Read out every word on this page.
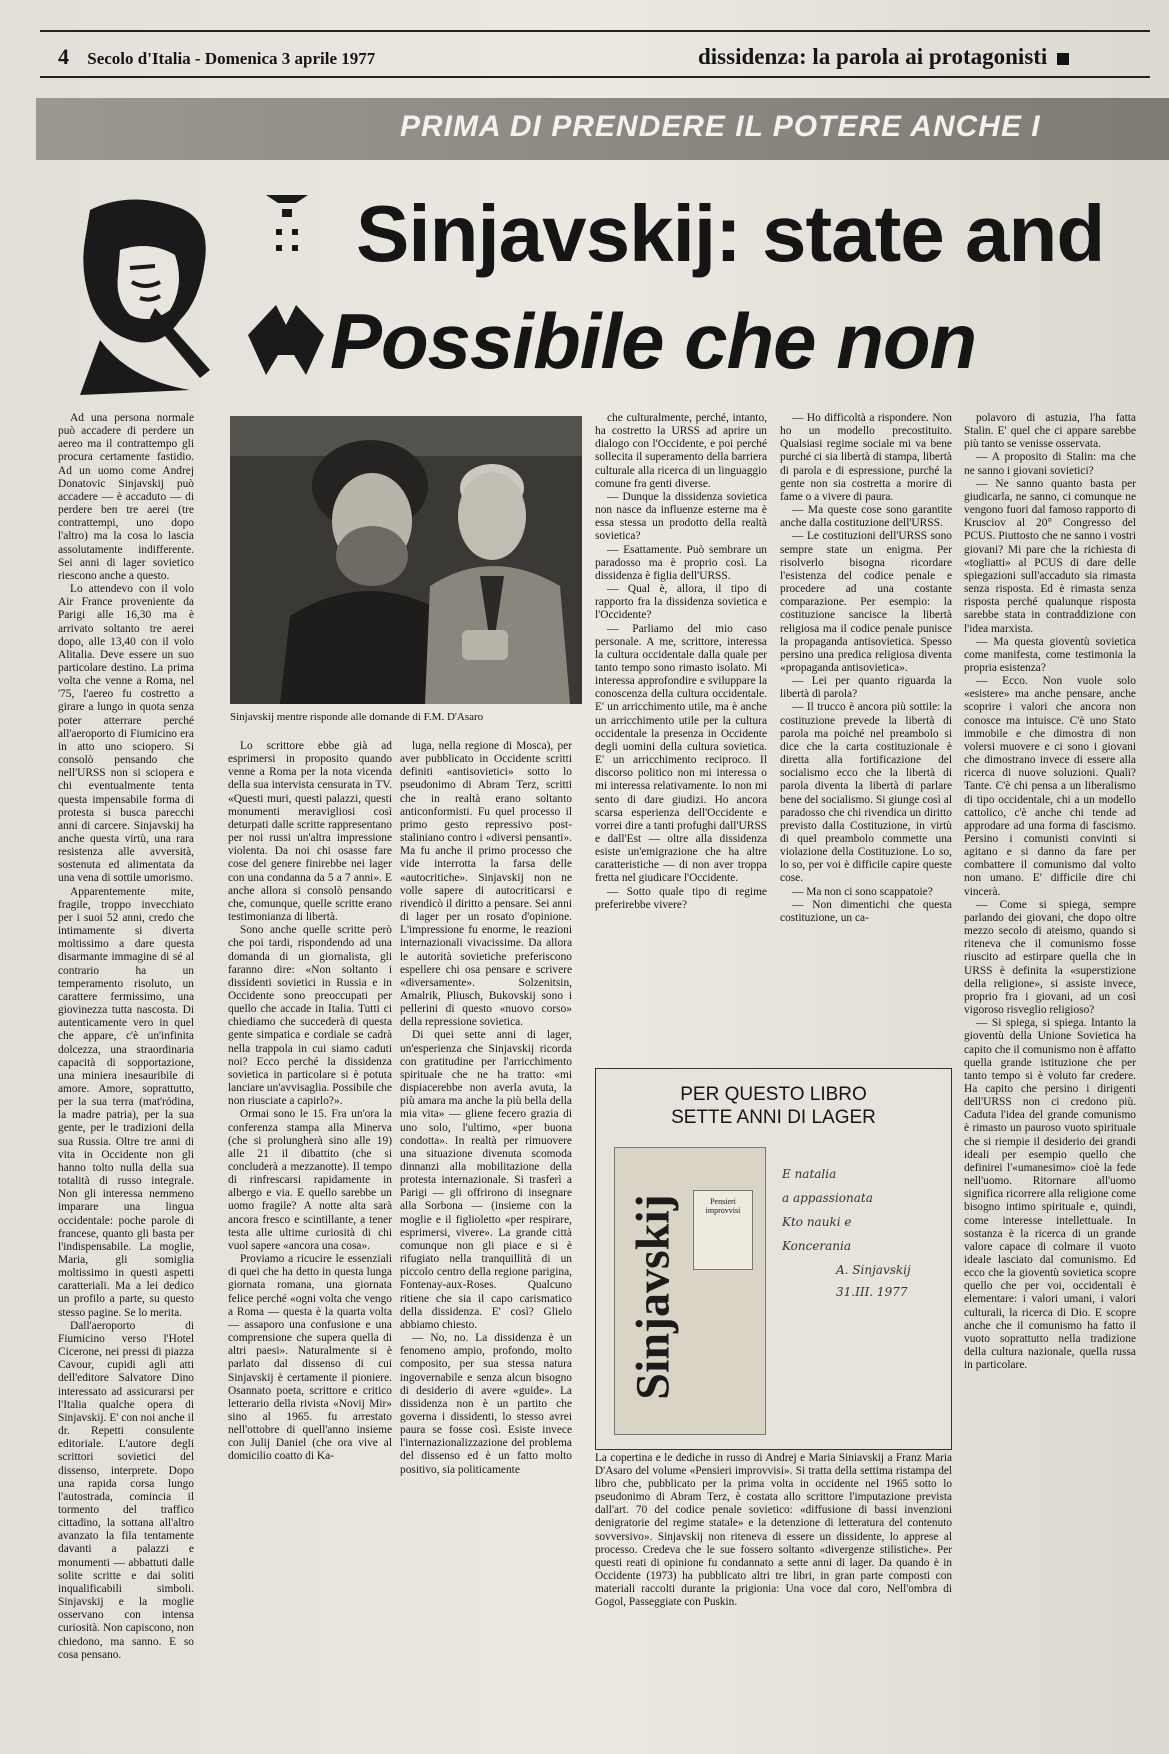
4 Secolo d'Italia - Domenica 3 aprile 1977	dissidenza: la parola ai protagonisti
PRIMA DI PRENDERE IL POTERE ANCHE I
Sinjavskij: state and
Possibile che non
Sinjavskij mentre risponde alle domande di F.M. D'Asaro

Ad una persona normale può accadere di perdere un aereo ma il contrattempo gli procura certamente fastidio. Ad un uomo come Andrej Donatovic Sinjavskij può accadere — è accaduto — di perdere ben tre aerei (tre contrattempi, uno dopo l'altro) ma la cosa lo lascia assolutamente indifferente. Sei anni di lager sovietico riescono anche a questo.

Lo attendevo con il volo Air France proveniente da Parigi alle 16,30 ma è arrivato soltanto tre aerei dopo, alle 13,40 con il volo Alitalia. Deve essere un suo particolare destino. La prima volta che venne a Roma, nel '75, l'aereo fu costretto a girare a lungo in quota senza poter atterrare perché all'aeroporto di Fiumicino era in atto uno sciopero. Si consolò pensando che nell'URSS non si sciopera e chi eventualmente tenta questa impensabile forma di protesta si busca parecchi anni di carcere. Sinjavskij ha anche questa virtù, una rara resistenza alle avversità, sostenuta ed alimentata da una vena di sottile umorismo.

Apparentemente mite, fragile, troppo invecchiato per i suoi 52 anni, credo che intimamente si diverta moltissimo a dare questa disarmante immagine di sé al contrario ha un temperamento risoluto, un carattere fermissimo, una giovinezza tutta nascosta. Di autenticamente vero in quel che appare, c'è un'infinita dolcezza, una straordinaria capacità di sopportazione, una miniera inesauribile di amore. Amore, soprattutto, per la sua terra (mat'ródina, la madre patria), per la sua gente, per le tradizioni della sua Russia. Oltre tre anni di vita in Occidente non gli hanno tolto nulla della sua totalità di russo integrale. Non gli interessa nemmeno imparare una lingua occidentale: poche parole di francese, quanto gli basta per l'indispensabile. La moglie, Maria, gli somiglia moltissimo in questi aspetti caratteriali. Ma a lei dedico un profilo a parte, su questo stesso pagine. Se lo merita.

Dall'aeroporto di Fiumicino verso l'Hotel Cicerone, nei pressi di piazza Cavour, cupidi agli atti dell'editore Salvatore Dino interessato ad assicurarsi per l'Italia qualche opera di Sinjavskij. E' con noi anche il dr. Repetti consulente editoriale. L'autore degli scrittori sovietici del dissenso, interprete. Dopo una rapida corsa lungo l'autostrada, comincia il tormento del traffico cittadino, la sottana all'altro avanzato la fila tentamente davanti a palazzi e monumenti — abbattuti dalle solite scritte e dai soliti inqualificabili simboli. Sinjavskij e la moglie osservano con intensa curiosità. Non capiscono, non chiedono, ma sanno. E so cosa pensano.

Lo scrittore ebbe già ad esprimersi in proposito quando venne a Roma per la nota vicenda della sua intervista censurata in TV. «Questi muri, questi palazzi, questi monumenti meravigliosi così deturpati dalle scritte rappresentano per noi russi un'altra impressione violenta. Da noi chi osasse fare cose del genere finirebbe nei lager con una condanna da 5 a 7 anni». E anche allora si consolò pensando che, comunque, quelle scritte erano testimonianza di libertà.

Sono anche quelle scritte però che poi tardi, rispondendo ad una domanda di un giornalista, gli faranno dire: «Non soltanto i dissidenti sovietici in Russia e in Occidente sono preoccupati per quello che accade in Italia. Tutti ci chiediamo che succederà di questa gente simpatica e cordiale se cadrà nella trappola in cui siamo caduti noi? Ecco perché la dissidenza sovietica in particolare si è potuta lanciare un'avvisaglia. Possibile che non riusciate a capirlo?».

Ormai sono le 15. Fra un'ora la conferenza stampa alla Minerva (che si prolungherà sino alle 19) alle 21 il dibattito (che si concluderà a mezzanotte). Il tempo di rinfrescarsi rapidamente in albergo e via. E quello sarebbe un uomo fragile? A notte alta sarà ancora fresco e scintillante, a tener testa alle ultime curiosità di chi vuol sapere «ancora una cosa».

Proviamo a ricucire le essenziali di quei che ha detto in questa lunga giornata romana, una giornata felice perché «ogni volta che vengo a Roma — questa è la quarta volta — assaporo una confusione e una comprensione che supera quella di altri paesi». Naturalmente si è parlato dal dissenso di cui Sinjavskij è certamente il pioniere. Osannato poeta, scrittore e critico letterario della rivista «Novij Mir» sino al 1965. fu arrestato nell'ottobre di quell'anno insieme con Julij Daniel (che ora vive al domicilio coatto di Ka-

luga, nella regione di Mosca), per aver pubblicato in Occidente scritti definiti «antisovietici» sotto lo pseudonimo di Abram Terz, scritti che in realtà erano soltanto anticonformisti. Fu quel processo il primo gesto repressivo post-staliniano contro i «diversi pensanti». Ma fu anche il primo processo che vide interrotta la farsa delle «autocritiche». Sinjavskij non ne volle sapere di autocriticarsi e rivendicò il diritto a pensare. Sei anni di lager per un rosato d'opinione. L'impressione fu enorme, le reazioni internazionali vivacissime. Da allora le autorità sovietiche preferiscono espellere chi osa pensare e scrivere «diversamente». Solzenitsin, Amalrik, Pliusch, Bukovskij sono i pellerini di questo «nuovo corso» della repressione sovietica.

Di quei sette anni di lager, un'esperienza che Sinjavskij ricorda con gratitudine per l'arricchimento spirituale che ne ha tratto: «mi dispiacerebbe non averla avuta, la più amara ma anche la più bella della mia vita» — gliene fecero grazia di uno solo, l'ultimo, «per buona condotta». In realtà per rimuovere una situazione divenuta scomoda dinnanzi alla mobilitazione della protesta internazionale. Si trasferì a Parigi — gli offrirono di insegnare alla Sorbona — (insieme con la moglie e il figlioletto «per respirare, esprimersi, vivere». La grande città comunque non gli piace e si è rifugiato nella tranquillità di un piccolo centro della regione parigina, Fontenay-aux-Roses. Qualcuno ritiene che sia il capo carismatico della dissidenza. E' così? Glielo abbiamo chiesto.

— No, no. La dissidenza è un fenomeno ampio, profondo, molto composito, per sua stessa natura ingovernabile e senza alcun bisogno di desiderio di avere «guide». La dissidenza non è un partito che governa i dissidenti, lo stesso avrei paura se fosse così. Esiste invece l'internazionalizzazione del problema del dissenso ed è un fatto molto positivo, sia politicamente

che culturalmente, perché, intanto, ha costretto la URSS ad aprire un dialogo con l'Occidente, e poi perché sollecita il superamento della barriera culturale alla ricerca di un linguaggio comune fra genti diverse.

— Dunque la dissidenza sovietica non nasce da influenze esterne ma è essa stessa un prodotto della realtà sovietica?

— Esattamente. Può sembrare un paradosso ma è proprio così. La dissidenza è figlia dell'URSS.

— Qual è, allora, il tipo di rapporto fra la dissidenza sovietica e l'Occidente?

— Parliamo del mio caso personale. A me, scrittore, interessa la cultura occidentale dalla quale per tanto tempo sono rimasto isolato. Mi interessa approfondire e sviluppare la conoscenza della cultura occidentale. E' un arricchimento utile, ma è anche un arricchimento utile per la cultura occidentale la presenza in Occidente degli uomini della cultura sovietica. E' un arricchimento reciproco. Il discorso politico non mi interessa o mi interessa relativamente. Io non mi sento di dare giudizi. Ho ancora scarsa esperienza dell'Occidente e vorrei dire a tanti profughi dall'URSS e dall'Est — oltre alla dissidenza esiste un'emigrazione che ha altre caratteristiche — di non aver troppa fretta nel giudicare l'Occidente.

— Sotto quale tipo di regime preferirebbe vivere?

— Ho difficoltà a rispondere. Non ho un modello precostituito. Qualsiasi regime sociale mi va bene purché ci sia libertà di stampa, libertà di parola e di espressione, purché la gente non sia costretta a morire di fame o a vivere di paura.

— Ma queste cose sono garantite anche dalla costituzione dell'URSS.

— Le costituzioni dell'URSS sono sempre state un enigma. Per risolverlo bisogna ricordare l'esistenza del codice penale e procedere ad una costante comparazione. Per esempio: la costituzione sancisce la libertà religiosa ma il codice penale punisce la propaganda antisovietica. Spesso persino una predica religiosa diventa «propaganda antisovietica».

— Lei per quanto riguarda la libertà di parola?

— Il trucco è ancora più sottile: la costituzione prevede la libertà di parola ma poiché nel preambolo si dice che la carta costituzionale è diretta alla fortificazione del socialismo ecco che la libertà di parola diventa la libertà di parlare bene del socialismo. Si giunge così al paradosso che chi rivendica un diritto previsto dalla Costituzione, in virtù di quel preambolo commette una violazione della Costituzione. Lo so, lo so, per voi è difficile capire queste cose.

— Ma non ci sono scappatoie?

— Non dimentichi che questa costituzione, un ca-

polavoro di astuzia, l'ha fatta Stalin. E' quel che ci appare sarebbe più tanto se venisse osservata.

— A proposito di Stalin: ma che ne sanno i giovani sovietici?

— Ne sanno quanto basta per giudicarla, ne sanno, ci comunque ne vengono fuori dal famoso rapporto di Krusciov al 20° Congresso del PCUS. Piuttosto che ne sanno i vostri giovani? Mi pare che la richiesta di «togliatti» al PCUS di dare delle spiegazioni sull'accaduto sia rimasta senza risposta. Ed è rimasta senza risposta perché qualunque risposta sarebbe stata in contraddizione con l'idea marxista.

— Ma questa gioventù sovietica come manifesta, come testimonia la propria esistenza?

— Ecco. Non vuole solo «esistere» ma anche pensare, anche scoprire i valori che ancora non conosce ma intuisce. C'è uno Stato immobile e che dimostra di non volersi muovere e ci sono i giovani che dimostrano invece di essere alla ricerca di nuove soluzioni. Quali? Tante. C'è chi pensa a un liberalismo di tipo occidentale, chi a un modello cattolico, c'è anche chi tende ad approdare ad una forma di fascismo. Persino i comunisti convinti si agitano e si danno da fare per combattere il comunismo dal volto non umano. E' difficile dire chi vincerà.

— Come si spiega, sempre parlando dei giovani, che dopo oltre mezzo secolo di ateismo, quando si riteneva che il comunismo fosse riuscito ad estirpare quella che in URSS è definita la «superstizione della religione», si assiste invece, proprio fra i giovani, ad un così vigoroso risveglio religioso?

— Si spiega, si spiega. Intanto la gioventù della Unione Sovietica ha capito che il comunismo non è affatto quella grande istituzione che per tanto tempo si è voluto far credere. Ha capito che persino i dirigenti dell'URSS non ci credono più. Caduta l'idea del grande comunismo è rimasto un pauroso vuoto spirituale che si riempie il desiderio dei grandi ideali per esempio quello che definirei l'«umanesimo» cioè la fede nell'uomo. Ritornare all'uomo significa ricorrere alla religione come bisogno intimo spirituale e, quindi, come interesse intellettuale. In sostanza è la ricerca di un grande valore capace di colmare il vuoto ideale lasciato dal comunismo. Ed ecco che la gioventù sovietica scopre quello che per voi, occidentali è elementare: i valori umani, i valori culturali, la ricerca di Dio. E scopre anche che il comunismo ha fatto il vuoto soprattutto nella tradizione della cultura nazionale, quella russa in particolare.

PER QUESTO LIBRO
SETTE ANNI DI LAGER
Sinjavskij	Pensieri improvvisi
E natalia
a appassionata
Kto nauki e
Koncerania
A. Sinjavskij
31.III. 1977
La copertina e le dediche in russo di Andrej e Maria Siniavskij a Franz Maria D'Asaro del volume «Pensieri improvvisi». Si tratta della settima ristampa del libro che, pubblicato per la prima volta in occidente nel 1965 sotto lo pseudonimo di Abram Terz, è costata allo scrittore l'imputazione prevista dall'art. 70 del codice penale sovietico: «diffusione di bassi invenzioni denigratorie del regime statale» e la detenzione di letteratura del contenuto sovversivo». Sinjavskij non riteneva di essere un dissidente, lo apprese al processo. Credeva che le sue fossero soltanto «divergenze stilistiche». Per questi reati di opinione fu condannato a sette anni di lager. Da quando è in Occidente (1973) ha pubblicato altri tre libri, in gran parte composti con materiali raccolti durante la prigionia: Una voce dal coro, Nell'ombra di Gogol, Passeggiate con Puskin.
